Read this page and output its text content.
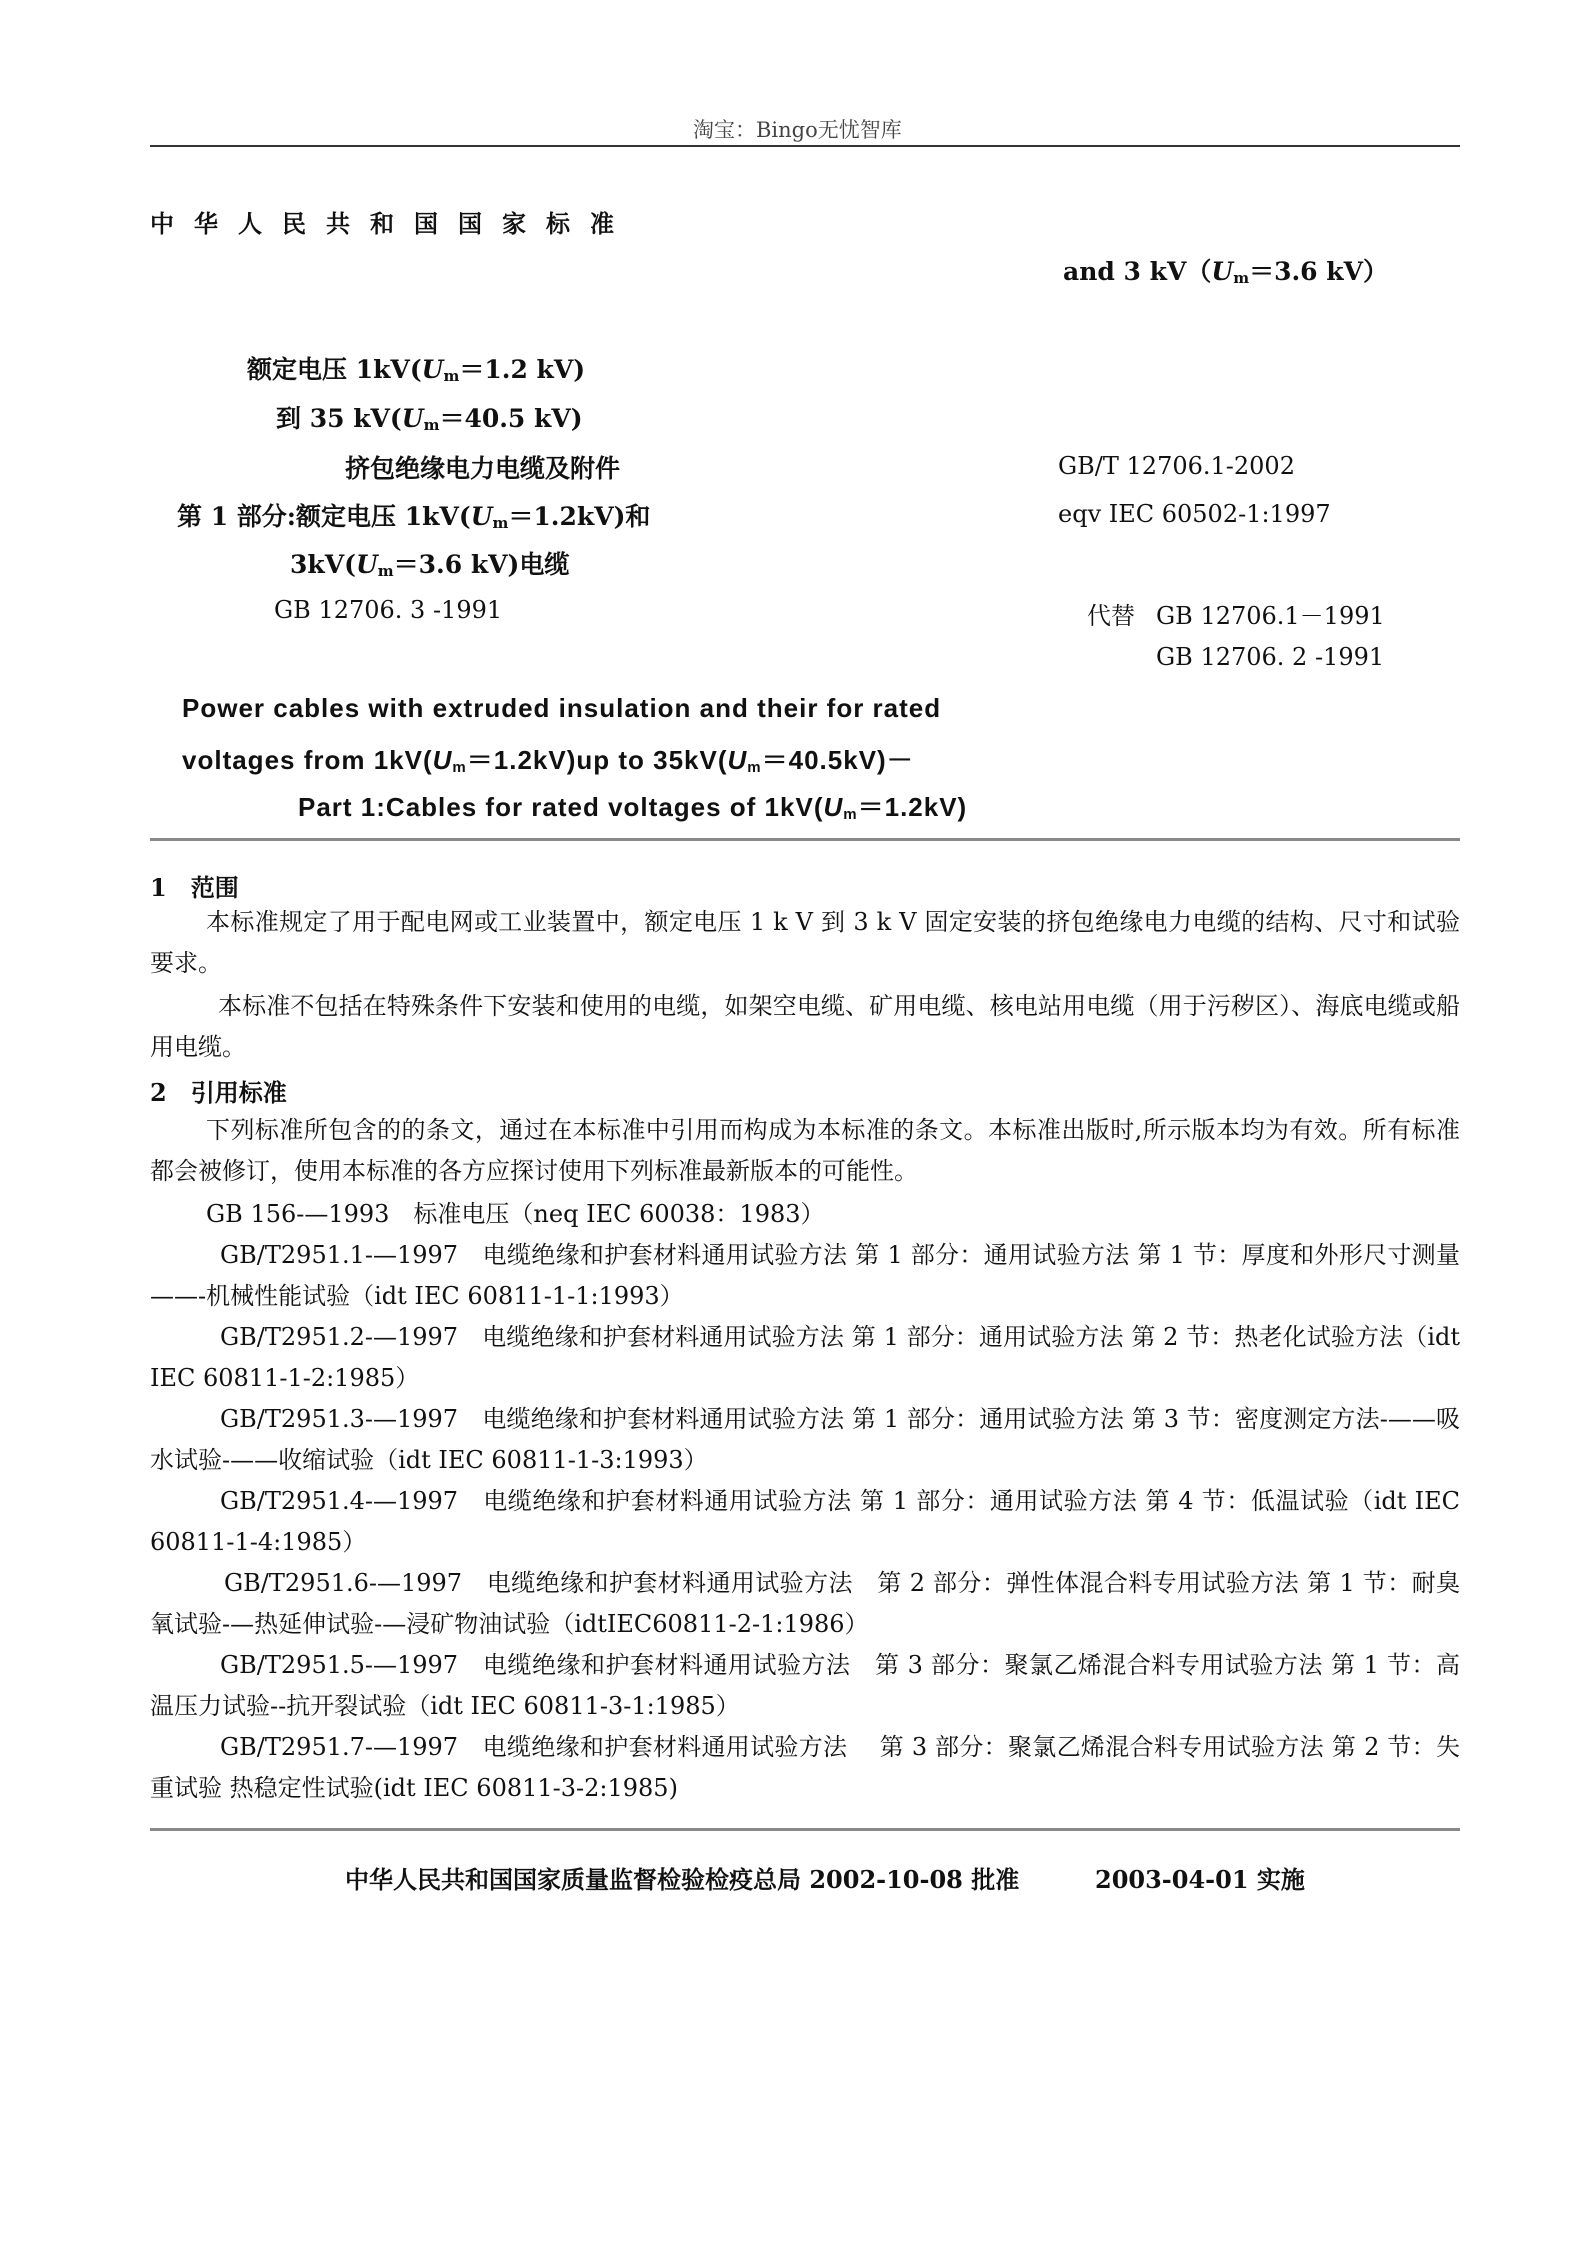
淘宝：Bingo无忧智库
中华人民共和国国家标准
and 3 $kV(U_m=3.6$ kV）
额定电压 $1kV(U_m=1.2$ kV)
到 35 $kV(U_m=40.5$ kV)
挤包绝缘电力电缆及附件
第 1 部分:额定电压 $1kV(U_m=1.2kV)$和
$3kV(U_m=3.6$ kV)电缆
GB/T 12706.1-2002
eqv IEC 60502-1:1997
代替 GB 12706.1－1991
GB 12706. 2 -1991
GB 12706. 3 -1991
Power cables with extruded insulation and their for rated
voltages from $1kV(U_m=1.2kV)up$ to $35kV(U_m=40.5kV)-$
Part 1:Cables for rated voltages of $1kV(U_m=1.2kV)$
1　范围
本标准规定了用于配电网或工业装置中，额定电压 1 k V 到 3 k V 固定安装的挤包绝缘电力电缆的结构、尺寸和试验要求。
本标准不包括在特殊条件下安装和使用的电缆，如架空电缆、矿用电缆、核电站用电缆（用于污秽区）、海底电缆或船用电缆。
2　引用标准
下列标准所包含的的条文，通过在本标准中引用而构成为本标准的条文。本标准出版时,所示版本均为有效。所有标准都会被修订，使用本标准的各方应探讨使用下列标准最新版本的可能性。
GB 156-—1993　标准电压（neq IEC 60038：1983）
GB/T2951.1-—1997　电缆绝缘和护套材料通用试验方法 第 1 部分：通用试验方法 第 1 节：厚度和外形尺寸测量——-机械性能试验（idt IEC 60811-1-1:1993）
GB/T2951.2-—1997　电缆绝缘和护套材料通用试验方法 第 1 部分：通用试验方法 第 2 节：热老化试验方法（idt IEC 60811-1-2:1985）
GB/T2951.3-—1997　电缆绝缘和护套材料通用试验方法 第 1 部分：通用试验方法 第 3 节：密度测定方法-——吸水试验-——收缩试验（idt IEC 60811-1-3:1993）
GB/T2951.4-—1997　电缆绝缘和护套材料通用试验方法 第 1 部分：通用试验方法 第 4 节：低温试验（idt IEC 60811-1-4:1985）
GB/T2951.6-—1997　电缆绝缘和护套材料通用试验方法　第 2 部分：弹性体混合料专用试验方法 第 1 节：耐臭氧试验-—热延伸试验-—浸矿物油试验（idtIEC60811-2-1:1986）
GB/T2951.5-—1997　电缆绝缘和护套材料通用试验方法　第 3 部分：聚氯乙烯混合料专用试验方法 第 1 节：高温压力试验--抗开裂试验（idt IEC 60811-3-1:1985）
GB/T2951.7-—1997　电缆绝缘和护套材料通用试验方法　 第 3 部分：聚氯乙烯混合料专用试验方法 第 2 节：失重试验 热稳定性试验(idt IEC 60811-3-2:1985)
中华人民共和国国家质量监督检验检疫总局 2002-10-08 批准	2003-04-01 实施
